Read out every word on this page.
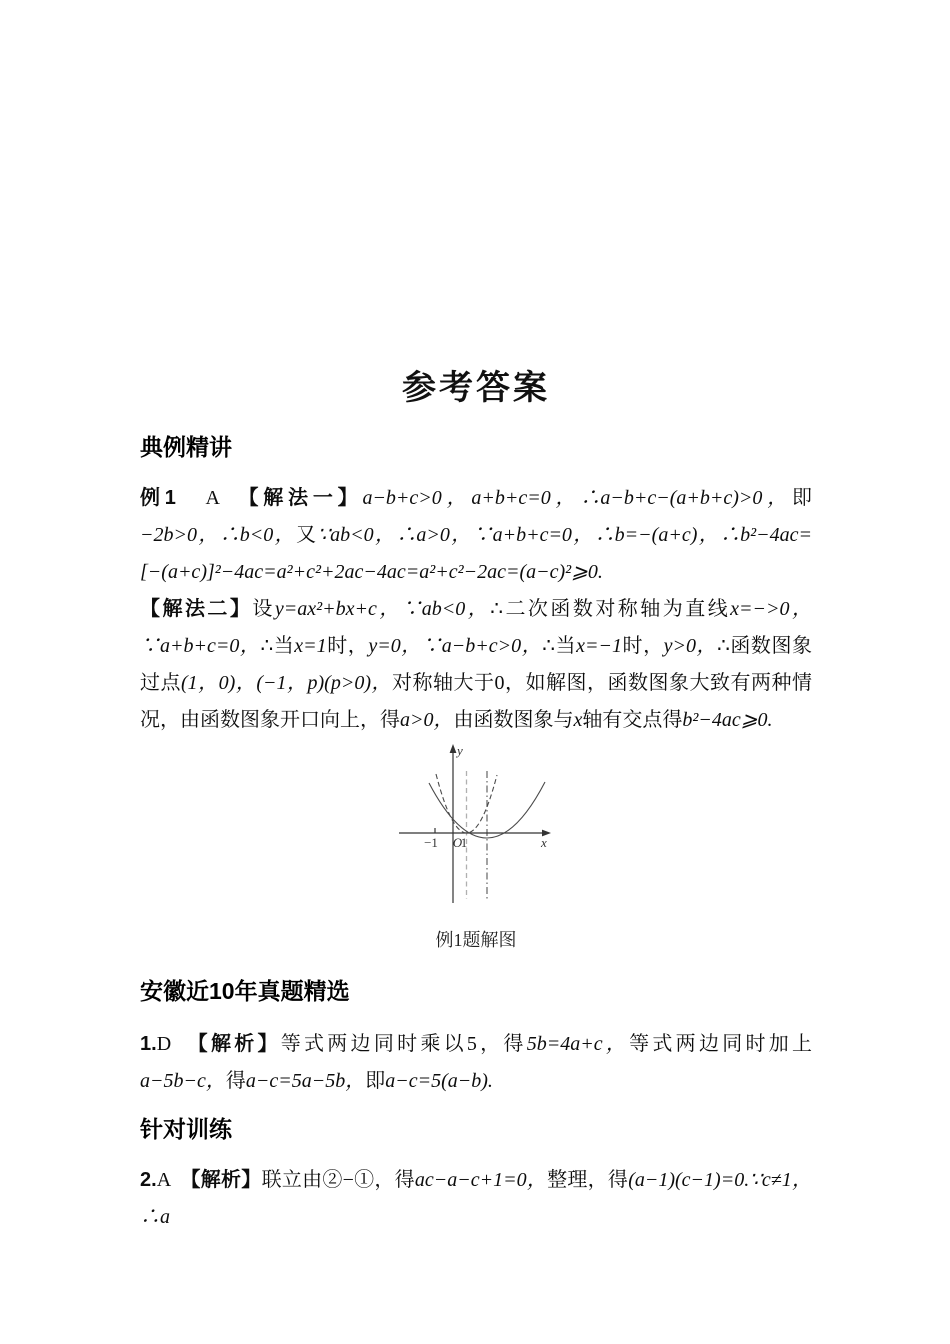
参考答案
典例精讲

例1　A　【解法一】a−b+c>0，a+b+c=0，∴a−b+c−(a+b+c)>0，即−2b>0，∴b<0，又∵ab<0，∴a>0，∵a+b+c=0，∴b=−(a+c)，∴b²−4ac=[−(a+c)]²−4ac=a²+c²+2ac−4ac=a²+c²−2ac=(a−c)²⩾0.

【解法二】设y=ax²+bx+c，∵ab<0，∴二次函数对称轴为直线x=−>0，∵a+b+c=0，∴当x=1时，y=0，∵a−b+c>0，∴当x=−1时，y>0，∴函数图象过点(1，0)，(−1，p)(p>0)，对称轴大于0，如解图，函数图象大致有两种情况，由函数图象开口向上，得a>0，由函数图象与x轴有交点得b²−4ac⩾0.

y
x
O
−1 1
例1题解图
安徽近10年真题精选

1.D　【解析】等式两边同时乘以5，得5b=4a+c，等式两边同时加上a−5b−c，得a−c=5a−5b，即a−c=5(a−b).

针对训练

2.A　【解析】联立由②−①，得ac−a−c+1=0，整理，得(a−1)(c−1)=0.∵c≠1，∴a
